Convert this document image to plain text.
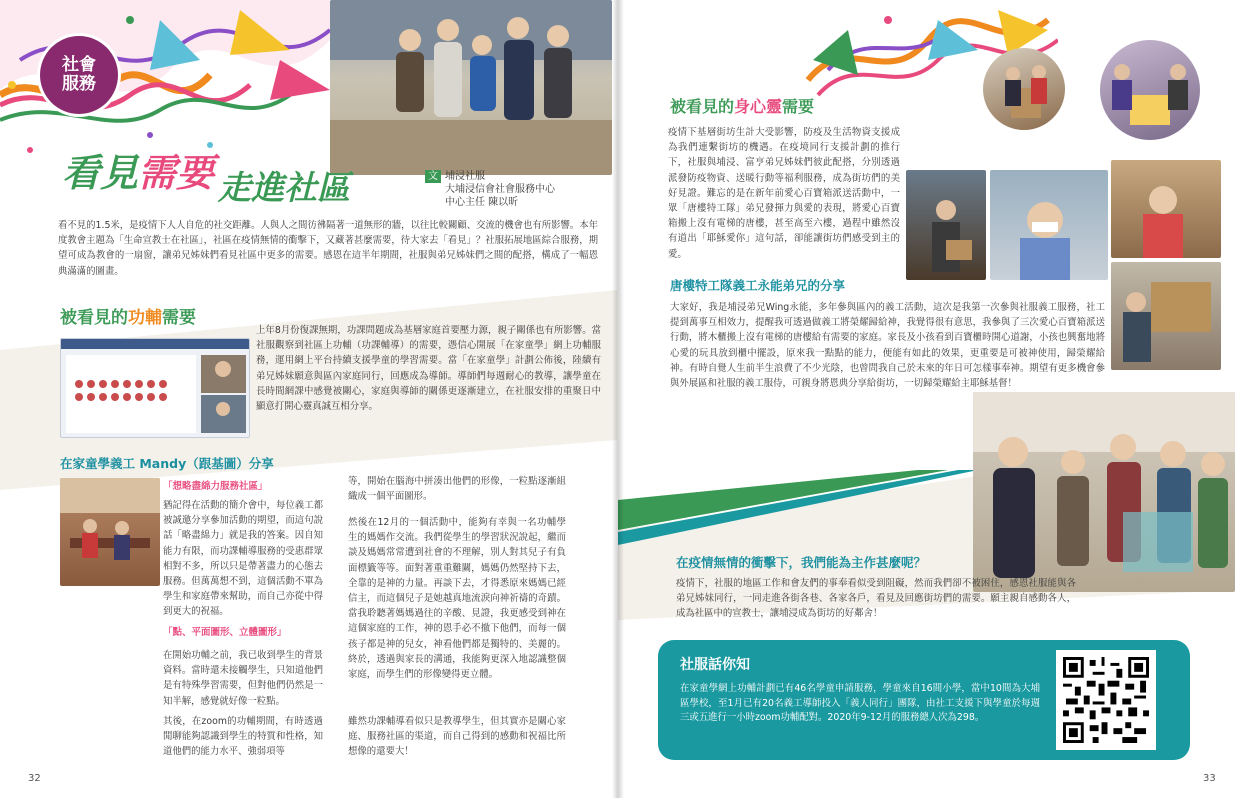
社會
服務
看見需要 走進社區	文 埔浸社服
大埔浸信會社會服務中心
中心主任 陳以昕
看不見的1.5米，是疫情下人人自危的社交距離。人與人之間彷彿隔著一道無形的牆，以往比較關顧、交流的機會也有所影響。本年度教會主題為「生命宣教士在社區」，社區在疫情無情的衝擊下，又藏著甚麼需要，待大家去「看見」？社服拓展地區綜合服務，期望可成為教會的一扇窗，讓弟兄姊妹們看見社區中更多的需要。感恩在這半年期間，社服與弟兄姊妹們之間的配搭，構成了一幅恩典滿滿的圖畫。
被看見的功輔需要
上年8月份復課無期，功課問題成為基層家庭首要壓力源，親子關係也有所影響。當社服觀察到社區上功輔（功課輔導）的需要，憑信心開展「在家童學」網上功輔服務，運用網上平台持續支援學童的學習需要。當「在家童學」計劃公佈後，陸續有弟兄姊妹願意與區內家庭同行，回應成為導師。導師們每週耐心的教導，讓學童在長時間網課中感覺被關心，家庭與導師的關係更逐漸建立，在社服安排的重聚日中顯意打開心靈真誠互相分享。
在家童學義工 Mandy（跟基圖）分享
「想略盡綿力服務社區」
猶記得在活動的簡介會中，每位義工都被誠邀分享參加活動的期望，而這句說話「略盡綿力」就是我的答案。因自知能力有限，而功課輔導服務的受惠群眾相對不多，所以只是帶著盡力的心態去服務。但萬萬想不到，這個活動不單為學生和家庭帶來幫助，而自己亦從中得到更大的祝福。
「點、平面圖形、立體圖形」
在開始功輔之前，我已收到學生的背景資料。當時還未接觸學生，只知道他們是有特殊學習需要，但對他們仍然是一知半解，感覺就好像一粒點。
其後，在zoom的功輔期間，有時透過閒聊能夠認識到學生的特質和性格，知道他們的能力水平、強弱項等
等，開始在腦海中拼湊出他們的形像，一粒點逐漸組織成一個平面圖形。
然後在12月的一個活動中，能夠有幸與一名功輔學生的媽媽作交流。我們從學生的學習狀況說起，繼而談及媽媽常常遭到社會的不理解，別人對其兒子有負面標籤等等。面對著重重難關，媽媽仍然堅持下去，全靠的是神的力量。再談下去，才得悉原來媽媽已經信主，而這個兒子是她越真地流淚向神祈禱的奇蹟。當我聆聽著媽媽過往的辛酸、見證，我更感受到神在這個家庭的工作，神的恩手必不撤下他們，而每一個孩子都是神的兒女，神看他們都是獨特的、美麗的。終於，透過與家長的溝通，我能夠更深入地認識整個家庭，而學生們的形像變得更立體。
雖然功課輔導看似只是教導學生，但其實亦是關心家庭、服務社區的渠道，而自己得到的感動和祝福比所想像的還要大！
32
被看見的身心靈需要
疫情下基層街坊生計大受影響，防疫及生活物資支援成為我們連繫街坊的機遇。在疫境同行支援計劃的推行下，社服與埔浸、富亨弟兄姊妹們彼此配搭，分別透過派發防疫物資、送暖行動等福利服務，成為街坊們的美好見證。難忘的是在新年前愛心百寶箱派送活動中，一眾「唐樓特工隊」弟兄發揮力與愛的表現，將愛心百寶箱搬上沒有電梯的唐樓，甚至高至六樓，過程中雖然沒有道出「耶穌愛你」這句話，卻能讓街坊們感受到主的愛。
唐樓特工隊義工永能弟兄的分享
大家好，我是埔浸弟兄Wing永能，多年參與區內的義工活動，這次是我第一次參與社服義工服務，社工提到萬事互相效力，提醒我可透過做義工將榮耀歸給神，我覺得很有意思，我參與了三次愛心百寶箱派送行動，將木櫃搬上沒有電梯的唐樓給有需要的家庭。家長及小孩看到百寶櫃時開心道謝，小孩也興奮地將心愛的玩具放到櫃中擺設，原來我一點點的能力，便能有如此的效果，更重要是可被神使用，歸榮耀給神。有時自覺人生前半生浪費了不少光陰，也曾問我自己於未來的年日可怎樣事奉神。期望有更多機會參與外展區和社服的義工服侍，可親身將恩典分享給街坊，一切歸榮耀給主耶穌基督！
在疫情無情的衝擊下，我們能為主作甚麼呢？
疫情下，社服的地區工作和會友們的事奉看似受到阻礙，然而我們卻不被困住，感恩社服能與各弟兄姊妹同行，一同走進各街各巷、各家各戶，看見及回應街坊們的需要。願主親自感動各人，成為社區中的宣教士，讓埔浸成為街坊的好鄰舍！
社服話你知
在家童學網上功輔計劃已有46名學童申請服務，學童來自16間小學，當中10間為大埔區學校，至1月已有20名義工導師投入「義人同行」團隊，由社工支援下與學童於每週三或五進行一小時zoom功輔配對。2020年9-12月的服務總人次為298。
33
